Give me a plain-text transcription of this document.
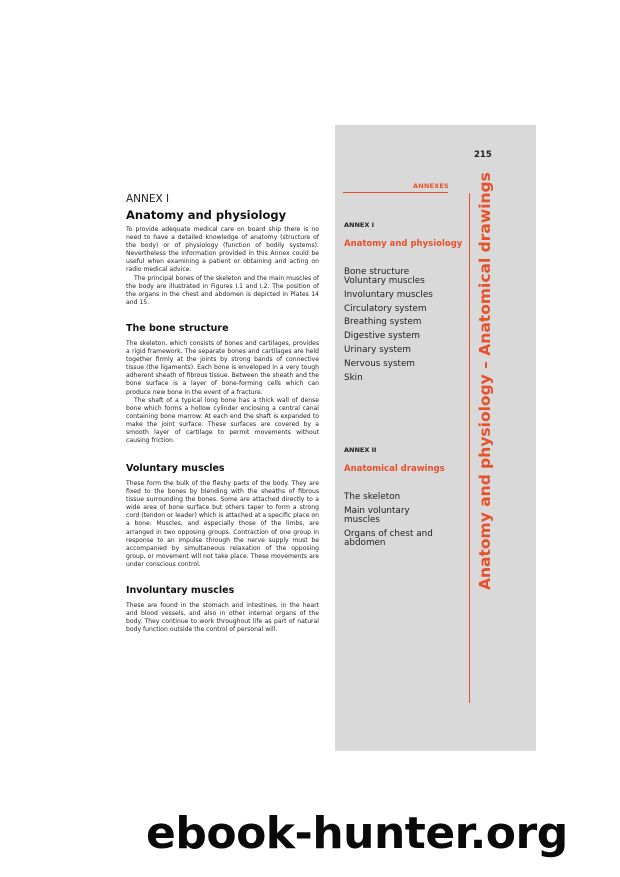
215
ANNEXES Anatomy and physiology – Anatomical drawings
ANNEX I
Anatomy and physiology
Bone structure
Voluntary muscles
Involuntary muscles
Circulatory system
Breathing system
Digestive system
Urinary system
Nervous system
Skin
ANNEX II
Anatomical drawings
The skeleton
Main voluntary muscles
Organs of chest and abdomen
ANNEX I
Anatomy and physiology

To provide adequate medical care on board ship there is no need to have a detailed knowledge of anatomy (structure of the body) or of physiology (function of bodily systems). Nevertheless the information provided in this Annex could be useful when examining a patient or obtaining and acting on radio medical advice.

The principal bones of the skeleton and the main muscles of the body are illustrated in Figures I.1 and I.2. The position of the organs in the chest and abdomen is depicted in Plates 14 and 15.

The bone structure

The skeleton, which consists of bones and cartilages, provides a rigid framework. The separate bones and cartilages are held together firmly at the joints by strong bands of connective tissue (the ligaments). Each bone is enveloped in a very tough adherent sheath of fibrous tissue. Between the sheath and the bone surface is a layer of bone-forming cells which can produce new bone in the event of a fracture.

The shaft of a typical long bone has a thick wall of dense bone which forms a hollow cylinder enclosing a central canal containing bone marrow. At each end the shaft is expanded to make the joint surface. These surfaces are covered by a smooth layer of cartilage to permit movements without causing friction.

Voluntary muscles

These form the bulk of the fleshy parts of the body. They are fixed to the bones by blending with the sheaths of fibrous tissue surrounding the bones. Some are attached directly to a wide area of bone surface but others taper to form a strong cord (tendon or leader) which is attached at a specific place on a bone. Muscles, and especially those of the limbs, are arranged in two opposing groups. Contraction of one group in response to an impulse through the nerve supply must be accompanied by simultaneous relaxation of the opposing group, or movement will not take place. These movements are under conscious control.

Involuntary muscles

These are found in the stomach and intestines, in the heart and blood vessels, and also in other internal organs of the body. They continue to work throughout life as part of natural body function outside the control of personal will.

ebook-hunter.org
